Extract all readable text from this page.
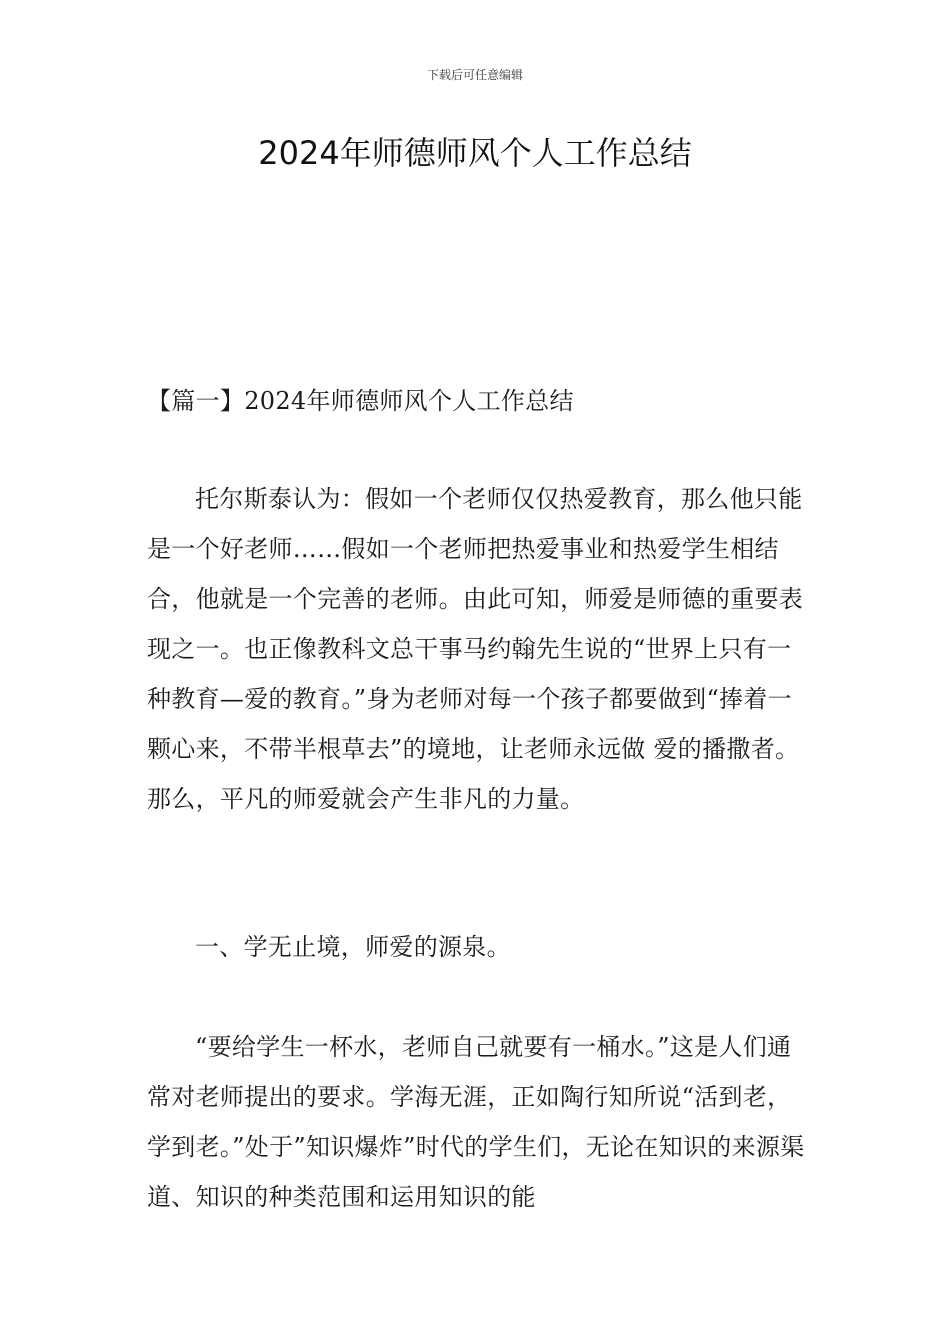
下载后可任意编辑
2024年师德师风个人工作总结
【篇一】2024年师德师风个人工作总结

托尔斯泰认为：假如一个老师仅仅热爱教育，那么他只能是一个好老师……假如一个老师把热爱事业和热爱学生相结合，他就是一个完善的老师。由此可知，师爱是师德的重要表现之一。也正像教科文总干事马约翰先生说的“世界上只有一种教育—爱的教育。”身为老师对每一个孩子都要做到“捧着一颗心来，不带半根草去”的境地，让老师永远做 爱的播撒者。那么，平凡的师爱就会产生非凡的力量。

一、学无止境，师爱的源泉。

“要给学生一杯水，老师自己就要有一桶水。”这是人们通常对老师提出的要求。学海无涯，正如陶行知所说“活到老，学到老。”处于”知识爆炸”时代的学生们，无论在知识的来源渠道、知识的种类范围和运用知识的能
